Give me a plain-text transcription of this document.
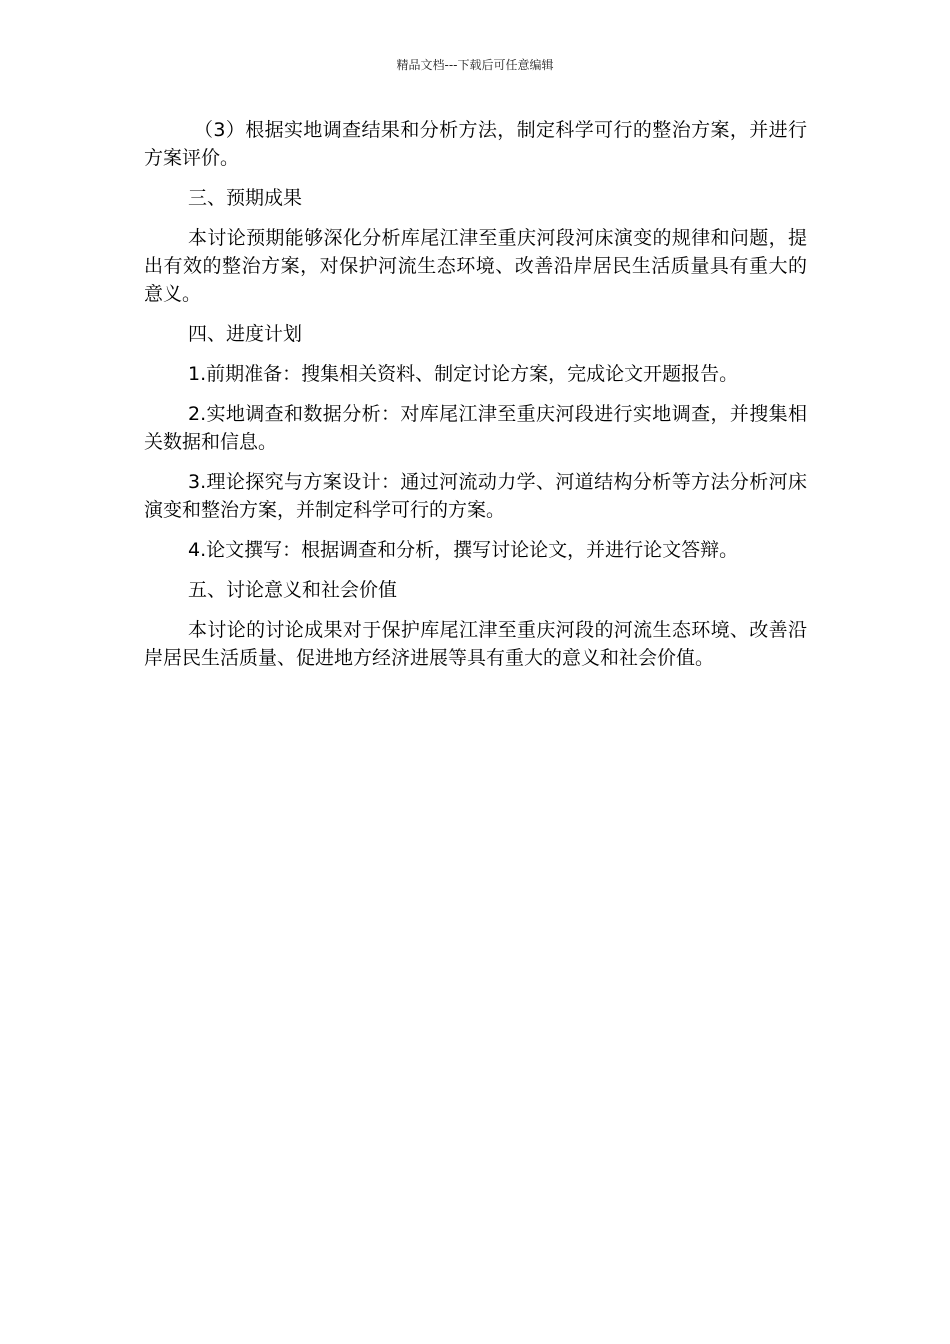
精品文档---下载后可任意编辑

（3）根据实地调查结果和分析方法，制定科学可行的整治方案，并进行方案评价。

三、预期成果

本讨论预期能够深化分析库尾江津至重庆河段河床演变的规律和问题，提出有效的整治方案，对保护河流生态环境、改善沿岸居民生活质量具有重大的意义。

四、进度计划

1.前期准备：搜集相关资料、制定讨论方案，完成论文开题报告。

2.实地调查和数据分析：对库尾江津至重庆河段进行实地调查，并搜集相关数据和信息。

3.理论探究与方案设计：通过河流动力学、河道结构分析等方法分析河床演变和整治方案，并制定科学可行的方案。

4.论文撰写：根据调查和分析，撰写讨论论文，并进行论文答辩。

五、讨论意义和社会价值

本讨论的讨论成果对于保护库尾江津至重庆河段的河流生态环境、改善沿岸居民生活质量、促进地方经济进展等具有重大的意义和社会价值。
